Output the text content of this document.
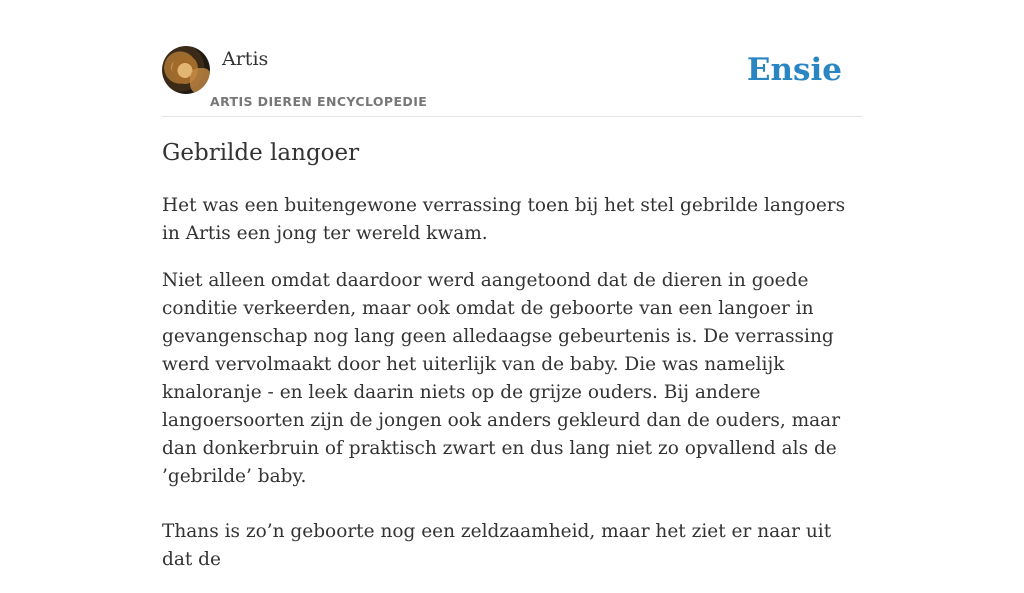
Artis
ARTIS DIEREN ENCYCLOPEDIE
Ensie
Gebrilde langoer

Het was een buitengewone verrassing toen bij het stel gebrilde langoers in Artis een jong ter wereld kwam.

Niet alleen omdat daardoor werd aangetoond dat de dieren in goede conditie verkeerden, maar ook omdat de geboorte van een langoer in gevangenschap nog lang geen alledaagse gebeurtenis is. De verrassing werd vervolmaakt door het uiterlijk van de baby. Die was namelijk knaloranje - en leek daarin niets op de grijze ouders. Bij andere langoersoorten zijn de jongen ook anders gekleurd dan de ouders, maar dan donkerbruin of praktisch zwart en dus lang niet zo opvallend als de ’gebrilde’ baby.

Thans is zo’n geboorte nog een zeldzaamheid, maar het ziet er naar uit dat de
